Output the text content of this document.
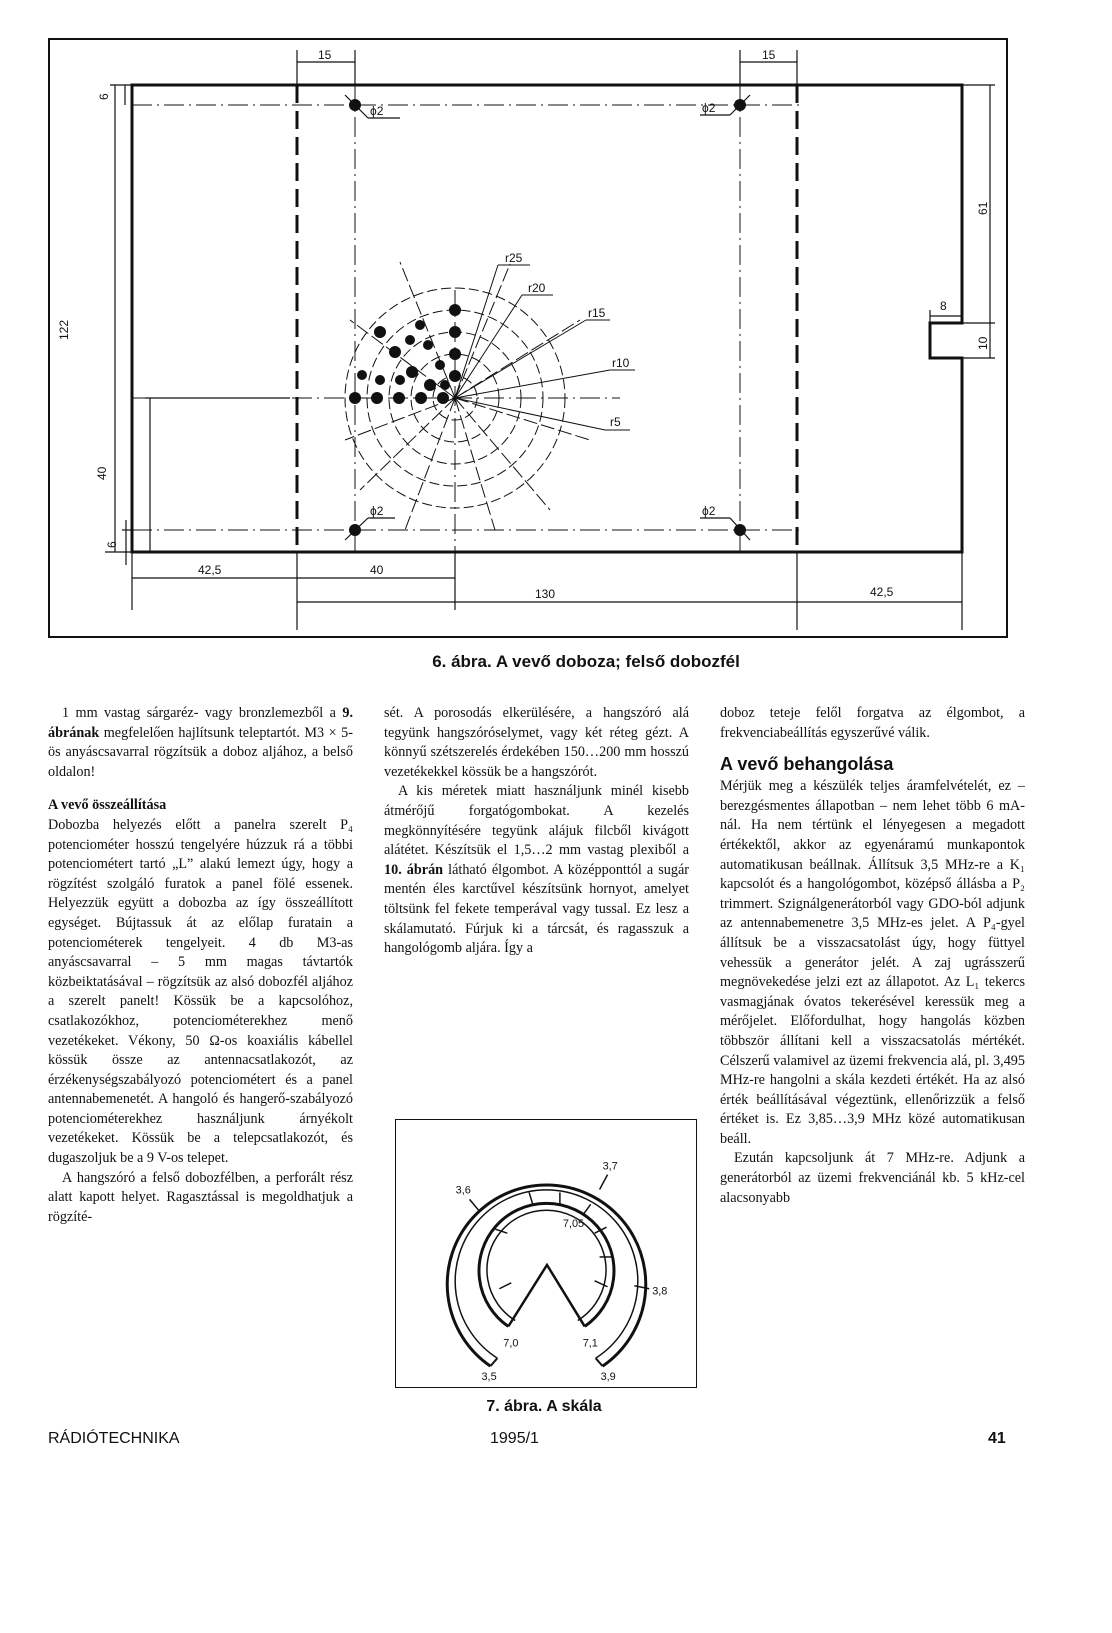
15	15
6
122
40
6
61
8
10
42,5	40
130	42,5
ϕ2	ϕ2
ϕ2	ϕ2
r25
r20
r15
r10
r5
6. ábra. A vevő doboza; felső dobozfél

1 mm vastag sárgaréz- vagy bronzlemezből a 9. ábrának megfelelően hajlítsunk teleptartót. M3 × 5-ös anyáscsavarral rögzítsük a doboz aljához, a belső oldalon!

A vevő összeállítása

Dobozba helyezés előtt a panelra szerelt P₄ potenciométer hosszú tengelyére húzzuk rá a többi potenciométert tartó „L” alakú lemezt úgy, hogy a rögzítést szolgáló furatok a panel fölé essenek. Helyezzük együtt a dobozba az így összeállított egységet. Bújtassuk át az előlap furatain a potenciométerek tengelyeit. 4 db M3-as anyáscsavarral – 5 mm magas távtartók közbeiktatásával – rögzítsük az alsó dobozfél aljához a szerelt panelt! Kössük be a kapcsolóhoz, csatlakozókhoz, potenciométerekhez menő vezetékeket. Vékony, 50 Ω-os koaxiális kábellel kössük össze az antennacsatlakozót, az érzékenységszabályozó potenciométert és a panel antennabemenetét. A hangoló és hangerő-szabályozó potenciométerekhez használjunk árnyékolt vezetékeket. Kössük be a telepcsatlakozót, és dugaszoljuk be a 9 V-os telepet.

A hangszóró a felső dobozfélben, a perforált rész alatt kapott helyet. Ragasztással is megoldhatjuk a rögzíté-

sét. A porosodás elkerülésére, a hangszóró alá tegyünk hangszóróselymet, vagy két réteg gézt. A könnyű szétszerelés érdekében 150…200 mm hosszú vezetékekkel kössük be a hangszórót.

A kis méretek miatt használjunk minél kisebb átmérőjű forgatógombokat. A kezelés megkönnyítésére tegyünk alájuk filcből kivágott alátétet. Készítsük el 1,5…2 mm vastag plexiből a 10. ábrán látható élgombot. A középponttól a sugár mentén éles karctűvel készítsünk hornyot, amelyet töltsünk fel fekete temperával vagy tussal. Ez lesz a skálamutató. Fúrjuk ki a tárcsát, és ragasszuk a hangológomb aljára. Így a

3,5
3,6
3,7
3,8
3,9
7,0
7,05
7,1
7. ábra. A skála

doboz teteje felől forgatva az élgombot, a frekvenciabeállítás egyszerűvé válik.

A vevő behangolása

Mérjük meg a készülék teljes áramfelvételét, ez – berezgésmentes állapotban – nem lehet több 6 mA-nál. Ha nem tértünk el lényegesen a megadott értékektől, akkor az egyenáramú munkapontok automatikusan beállnak. Állítsuk 3,5 MHz-re a K₁ kapcsolót és a hangológombot, középső állásba a P₂ trimmert. Szignálgenerátorból vagy GDO-ból adjunk az antennabemenetre 3,5 MHz-es jelet. A P₄-gyel állítsuk be a visszacsatolást úgy, hogy füttyel vehessük a generátor jelét. A zaj ugrásszerű megnövekedése jelzi ezt az állapotot. Az L₁ tekercs vasmagjának óvatos tekerésével keressük meg a mérőjelet. Előfordulhat, hogy hangolás közben többször állítani kell a visszacsatolás mértékét. Célszerű valamivel az üzemi frekvencia alá, pl. 3,495 MHz-re hangolni a skála kezdeti értékét. Ha az alsó érték beállításával végeztünk, ellenőrizzük a felső értéket is. Ez 3,85…3,9 MHz közé automatikusan beáll.

Ezután kapcsoljunk át 7 MHz-re. Adjunk a generátorból az üzemi frekvenciánál kb. 5 kHz-cel alacsonyabb

RÁDIÓTECHNIKA	1995/1	41
